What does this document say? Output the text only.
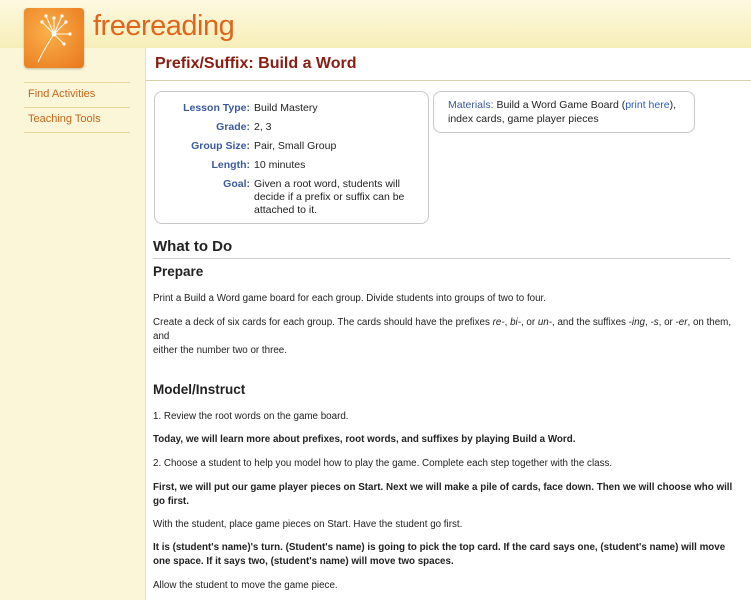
freereading
Find Activities
Teaching Tools
Prefix/Suffix: Build a Word
Lesson Type: Build Mastery
Grade: 2, 3
Group Size: Pair, Small Group
Length: 10 minutes
Goal: Given a root word, students will decide if a prefix or suffix can be attached to it.
Materials: Build a Word Game Board (print here),
index cards, game player pieces
What to Do
Prepare

Print a Build a Word game board for each group. Divide students into groups of two to four.

Create a deck of six cards for each group. The cards should have the prefixes re-, bi-, or un-, and the suffixes -ing, -s, or -er, on them, and
either the number two or three.

Model/Instruct

1. Review the root words on the game board.

Today, we will learn more about prefixes, root words, and suffixes by playing Build a Word.

2. Choose a student to help you model how to play the game. Complete each step together with the class.

First, we will put our game player pieces on Start. Next we will make a pile of cards, face down. Then we will choose who will go first.

With the student, place game pieces on Start. Have the student go first.

It is (student's name)'s turn. (Student's name) is going to pick the top card. If the card says one, (student's name) will move one space. If it says two, (student's name) will move two spaces.

Allow the student to move the game piece.
